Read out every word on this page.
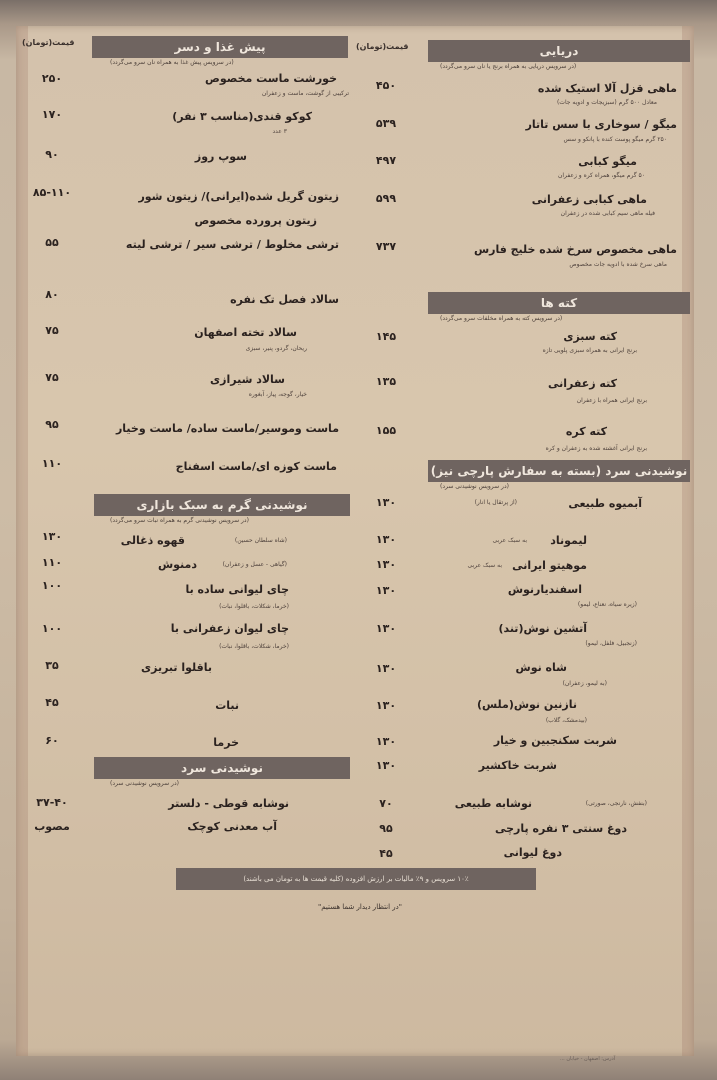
قیمت(تومان)	قیمت(تومان)	دریایی
(در سرویس دریایی به همراه برنج یا نان سرو می‌گردد)
پیش غذا و دسر
(در سرویس پیش غذا به همراه نان سرو می‌گردد)
کته ها
(در سرویس کته به همراه مخلفات سرو می‌گردد)
نوشیدنی سرد (بسته به سفارش پارچی نیز)
(در سرویس نوشیدنی سرد)
نوشیدنی گرم به سبک بازاری
(در سرویس نوشیدنی گرم به همراه نبات سرو می‌گردد)
نوشیدنی سرد
(در سرویس نوشیدنی سرد)
ماهی قزل آلا استیک شده
معادل ۵۰۰ گرم (سبزیجات و ادویه جات)
۴۵۰
میگو / سوخاری با سس تاتار
۲۵۰ گرم میگو پوست کنده با پانکو و سس
۵۳۹
میگو کبابی
۵۰ گرم میگو، همراه کره و زعفران
۴۹۷
ماهی کبابی زعفرانی
فیله ماهی سیم کبابی شده در زعفران
۵۹۹
ماهی مخصوص سرخ شده خلیج فارس
ماهی سرخ شده با ادویه جات مخصوص
۷۳۷
کته سبزی
برنج ایرانی به همراه سبزی پلویی تازه
۱۴۵
کته زعفرانی
برنج ایرانی همراه با زعفران
۱۳۵
کته کره
برنج ایرانی آغشته شده به زعفران و کره
۱۵۵
آبمیوه طبیعی
(از پرتقال یا انار)
۱۳۰
لیموناد
به سبک عربی
۱۳۰
موهیتو ایرانی
به سبک عربی
۱۳۰
اسفندیارنوش
(زیره سیاه، نعناع، لیمو)
۱۳۰
آتشین نوش(تند)
(زنجبیل، فلفل، لیمو)
۱۳۰
شاه نوش
(به لیمو، زعفران)
۱۳۰
نازنین نوش(ملس)
(بیدمشک، گلاب)
۱۳۰
شربت سکنجبین و خیار
۱۳۰
شربت خاکشیر
۱۳۰
نوشابه طبیعی	(بنفش، نارنجی، صورتی)
۷۰
دوغ سنتی ۳ نفره پارچی
۹۵
دوغ لیوانی
۴۵
خورشت ماست مخصوص
ترکیبی از گوشت، ماست و زعفران
۲۵۰
کوکو قندی(مناسب ۳ نفر)
۳ عدد
۱۷۰
سوپ روز
۹۰
زیتون گریل شده(ایرانی)/ زیتون شور
۸۵-۱۱۰
زیتون پرورده مخصوص
ترشی مخلوط / ترشی سیر / ترشی لیته
۵۵
سالاد فصل تک نفره
۸۰
سالاد تخته اصفهان
ریحان، گردو، پنیر، سبزی
۷۵
سالاد شیرازی
خیار، گوجه، پیاز، آبغوره
۷۵
ماست وموسیر/ماست ساده/ ماست وخیار
۹۵
ماست کوزه ای/ماست اسفناج
۱۱۰
قهوه ذغالی	(شاه سلطان حسین)
۱۳۰
دمنوش	(گیاهی - عسل و زعفران)
۱۱۰
چای لیوانی ساده با
(خرما، شکلات، باقلوا، نبات)
۱۰۰
چای لیوان زعفرانی با
(خرما، شکلات، باقلوا، نبات)
۱۰۰
باقلوا تبریزی
۳۵
نبات
۴۵
خرما
۶۰
نوشابه قوطی - دلستر
۳۷-۴۰
آب معدنی کوچک
مصوب
۱۰٪ سرویس و ۹٪ مالیات بر ارزش افزوده (کلیه قیمت ها به تومان می باشند)
"در انتظار دیدار شما هستیم"
آدرس: اصفهان - خیابان ...
